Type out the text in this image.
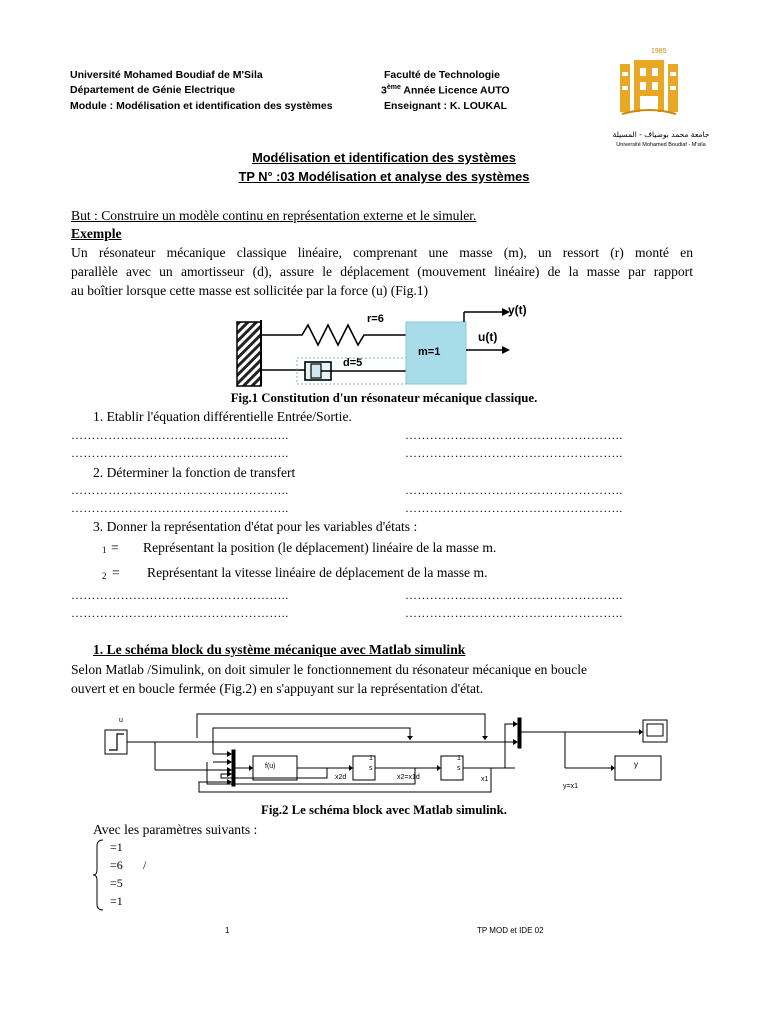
Université Mohamed Boudiaf de M'Sila
Département de Génie Electrique
Module : Modélisation et identification des systèmes
Faculté de Technologie
3ème Année Licence AUTO
Enseignant : K. LOUKAL
1985
جامعة محمد بوضياف - المسيلة
Université Mohamed Boudiaf - M'sila
Modélisation et identification des systèmes
TP N° :03 Modélisation et analyse des systèmes
But : Construire un modèle continu en représentation externe et le simuler.
Exemple
Un résonateur mécanique classique linéaire, comprenant une masse (m), un ressort (r) monté en
parallèle avec un amortisseur (d), assure le déplacement (mouvement linéaire) de la masse par rapport
au boîtier lorsque cette masse est sollicitée par la force (u) (Fig.1)
r=6
d=5
m=1
y(t)
u(t)
Fig.1 Constitution d'un résonateur mécanique classique.
1. Etablir l'équation différentielle Entrée/Sortie.
……………………………………………..	……………………………………………..
……………………………………………..	……………………………………………..
2. Déterminer la fonction de transfert
……………………………………………..	……………………………………………..
……………………………………………..	……………………………………………..
3. Donner la représentation d'état pour les variables d'états :
1 = Représentant la position (le déplacement) linéaire de la masse m.
2 = Représentant la vitesse linéaire de déplacement de la masse m.
……………………………………………..	……………………………………………..
……………………………………………..	……………………………………………..
1. Le schéma block du système mécanique avec Matlab simulink
Selon Matlab /Simulink, on doit simuler le fonctionnement du résonateur mécanique en boucle
ouvert et en boucle fermée (Fig.2) en s'appuyant sur la représentation d'état.
u
f(u)
1
s
1
s
x2d	x2=x1d	x1
y
y=x1
Fig.2 Le schéma block avec Matlab simulink.
Avec les paramètres suivants :
=1
=6 /
=5
=1
1	TP MOD et IDE 02
